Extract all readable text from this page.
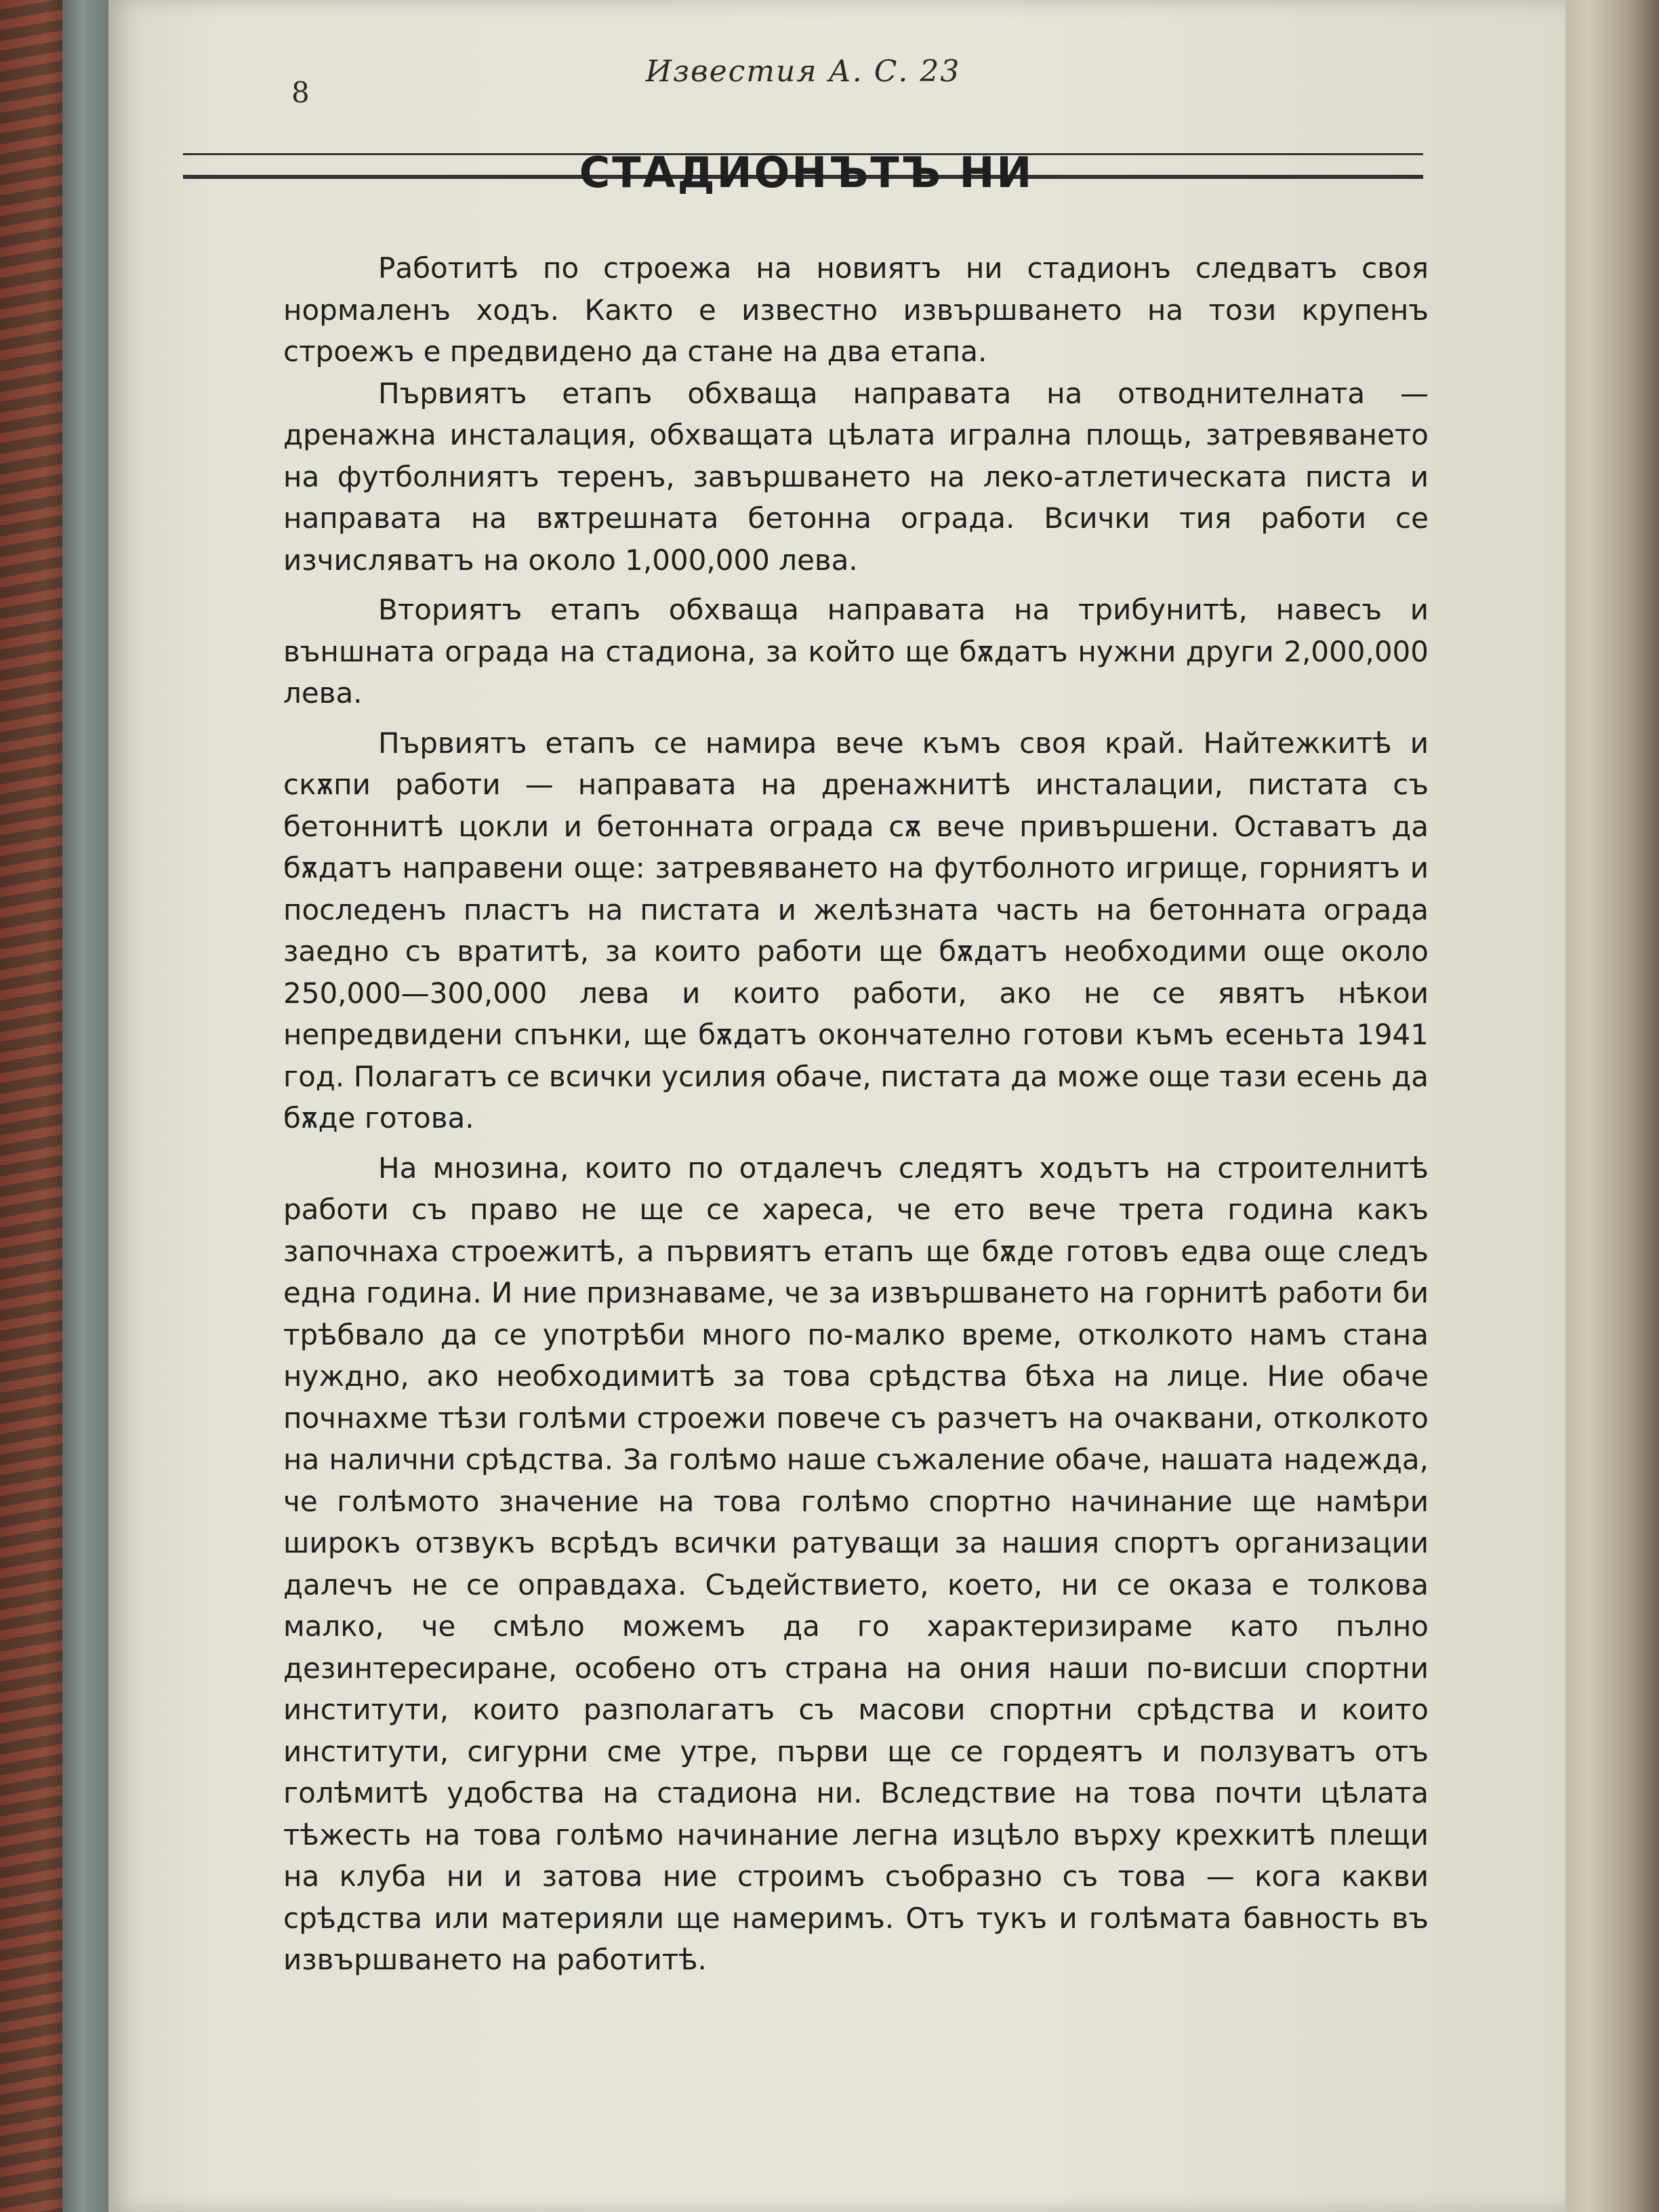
Известия А. С. 23
8
СТАДИОНЪТЪ НИ

Работитѣ по строежа на новиятъ ни стадионъ следватъ своя нормаленъ ходъ. Както е известно извършването на този крупенъ строежъ е предвидено да стане на два етапа.

Първиятъ етапъ обхваща направата на отводнителната — дренажна инсталация, обхващата цѣлата игрална площь, затревяването на футболниятъ теренъ, завършването на леко-атлетическата писта и направата на вѫтрешната бетонна ограда. Всички тия работи се изчисляватъ на около 1,000,000 лева.

Вториятъ етапъ обхваща направата на трибунитѣ, навесъ и външната ограда на стадиона, за който ще бѫдатъ нужни други 2,000,000 лева.

Първиятъ етапъ се намира вече къмъ своя край. Найтежкитѣ и скѫпи работи — направата на дренажнитѣ инсталации, пистата съ бетоннитѣ цокли и бетонната ограда сѫ вече привършени. Оставатъ да бѫдатъ направени още: затревяването на футболното игрище, горниятъ и последенъ пластъ на пистата и желѣзната часть на бетонната ограда заедно съ вратитѣ, за които работи ще бѫдатъ необходими още около 250,000—300,000 лева и които работи, ако не се явятъ нѣкои непредвидени спънки, ще бѫдатъ окончателно готови къмъ есеньта 1941 год. Полагатъ се всички усилия обаче, пистата да може още тази есень да бѫде готова.

На мнозина, които по отдалечъ следятъ ходътъ на строителнитѣ работи съ право не ще се хареса, че ето вече трета година какъ започнаха строежитѣ, а първиятъ етапъ ще бѫде готовъ едва още следъ една година. И ние признаваме, че за извършването на горнитѣ работи би трѣбвало да се употрѣби много по-малко време, отколкото намъ стана нуждно, ако необходимитѣ за това срѣдства бѣха на лице. Ние обаче почнахме тѣзи голѣми строежи повече съ разчетъ на очаквани, отколкото на налични срѣдства. За голѣмо наше съжаление обаче, нашата надежда, че голѣмото значение на това голѣмо спортно начинание ще намѣри широкъ отзвукъ всрѣдъ всички ратуващи за нашия спортъ организации далечъ не се оправдаха. Съдействието, което, ни се оказа е толкова малко, че смѣло можемъ да го характеризираме като пълно дезинтересиране, особено отъ страна на ония наши по-висши спортни институти, които разполагатъ съ масови спортни срѣдства и които институти, сигурни сме утре, първи ще се гордеятъ и ползуватъ отъ голѣмитѣ удобства на стадиона ни. Вследствие на това почти цѣлата тѣжесть на това голѣмо начинание легна изцѣло върху крехкитѣ плещи на клуба ни и затова ние строимъ съобразно съ това — кога какви срѣдства или материяли ще намеримъ. Отъ тукъ и голѣмата бавность въ извършването на работитѣ.
